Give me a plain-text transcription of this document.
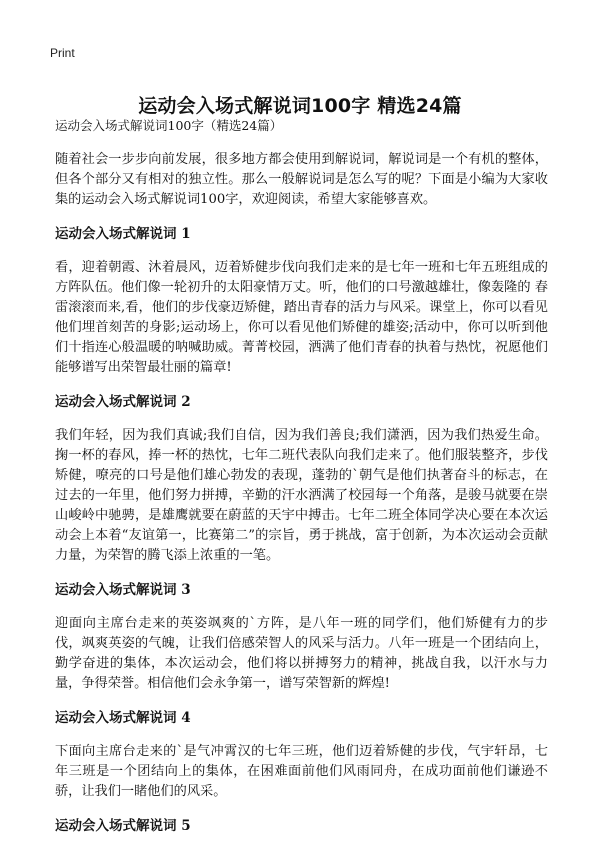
Print
运动会入场式解说词100字 精选24篇
运动会入场式解说词100字（精选24篇）

随着社会一步步向前发展，很多地方都会使用到解说词，解说词是一个有机的整体，但各个部分又有相对的独立性。那么一般解说词是怎么写的呢？下面是小编为大家收集的运动会入场式解说词100字，欢迎阅读，希望大家能够喜欢。

运动会入场式解说词 1

看，迎着朝霞、沐着晨风，迈着矫健步伐向我们走来的是七年一班和七年五班组成的方阵队伍。他们像一轮初升的太阳豪情万丈。听，他们的口号激越雄壮，像轰隆的 春雷滚滚而来,看，他们的步伐豪迈矫健，踏出青春的活力与风采。课堂上，你可以看见他们埋首刻苦的身影;运动场上，你可以看见他们矫健的雄姿;活动中，你可以听到他们十指连心般温暖的呐喊助威。菁菁校园，洒满了他们青春的执着与热忱，祝愿他们能够谱写出荣智最壮丽的篇章!

运动会入场式解说词 2

我们年轻，因为我们真诚;我们自信，因为我们善良;我们潇洒，因为我们热爱生命。掬一杯的春风，捧一杯的热忱，七年二班代表队向我们走来了。他们服装整齐，步伐矫健，嘹亮的口号是他们雄心勃发的表现，蓬勃的`朝气是他们执著奋斗的标志，在过去的一年里，他们努力拼搏，辛勤的汗水洒满了校园每一个角落，是骏马就要在崇山峻岭中驰骋，是雄鹰就要在蔚蓝的天宇中搏击。七年二班全体同学决心要在本次运动会上本着“友谊第一，比赛第二”的宗旨，勇于挑战，富于创新，为本次运动会贡献力量，为荣智的腾飞添上浓重的一笔。

运动会入场式解说词 3

迎面向主席台走来的英姿飒爽的`方阵，是八年一班的同学们，他们矫健有力的步伐，飒爽英姿的气魄，让我们倍感荣智人的风采与活力。八年一班是一个团结向上，勤学奋进的集体，本次运动会，他们将以拼搏努力的精神，挑战自我，以汗水与力量，争得荣誉。相信他们会永争第一，谱写荣智新的辉煌!

运动会入场式解说词 4

下面向主席台走来的`是气冲霄汉的七年三班，他们迈着矫健的步伐，气宇轩昂，七年三班是一个团结向上的集体，在困难面前他们风雨同舟，在成功面前他们谦逊不骄，让我们一睹他们的风采。

运动会入场式解说词 5
